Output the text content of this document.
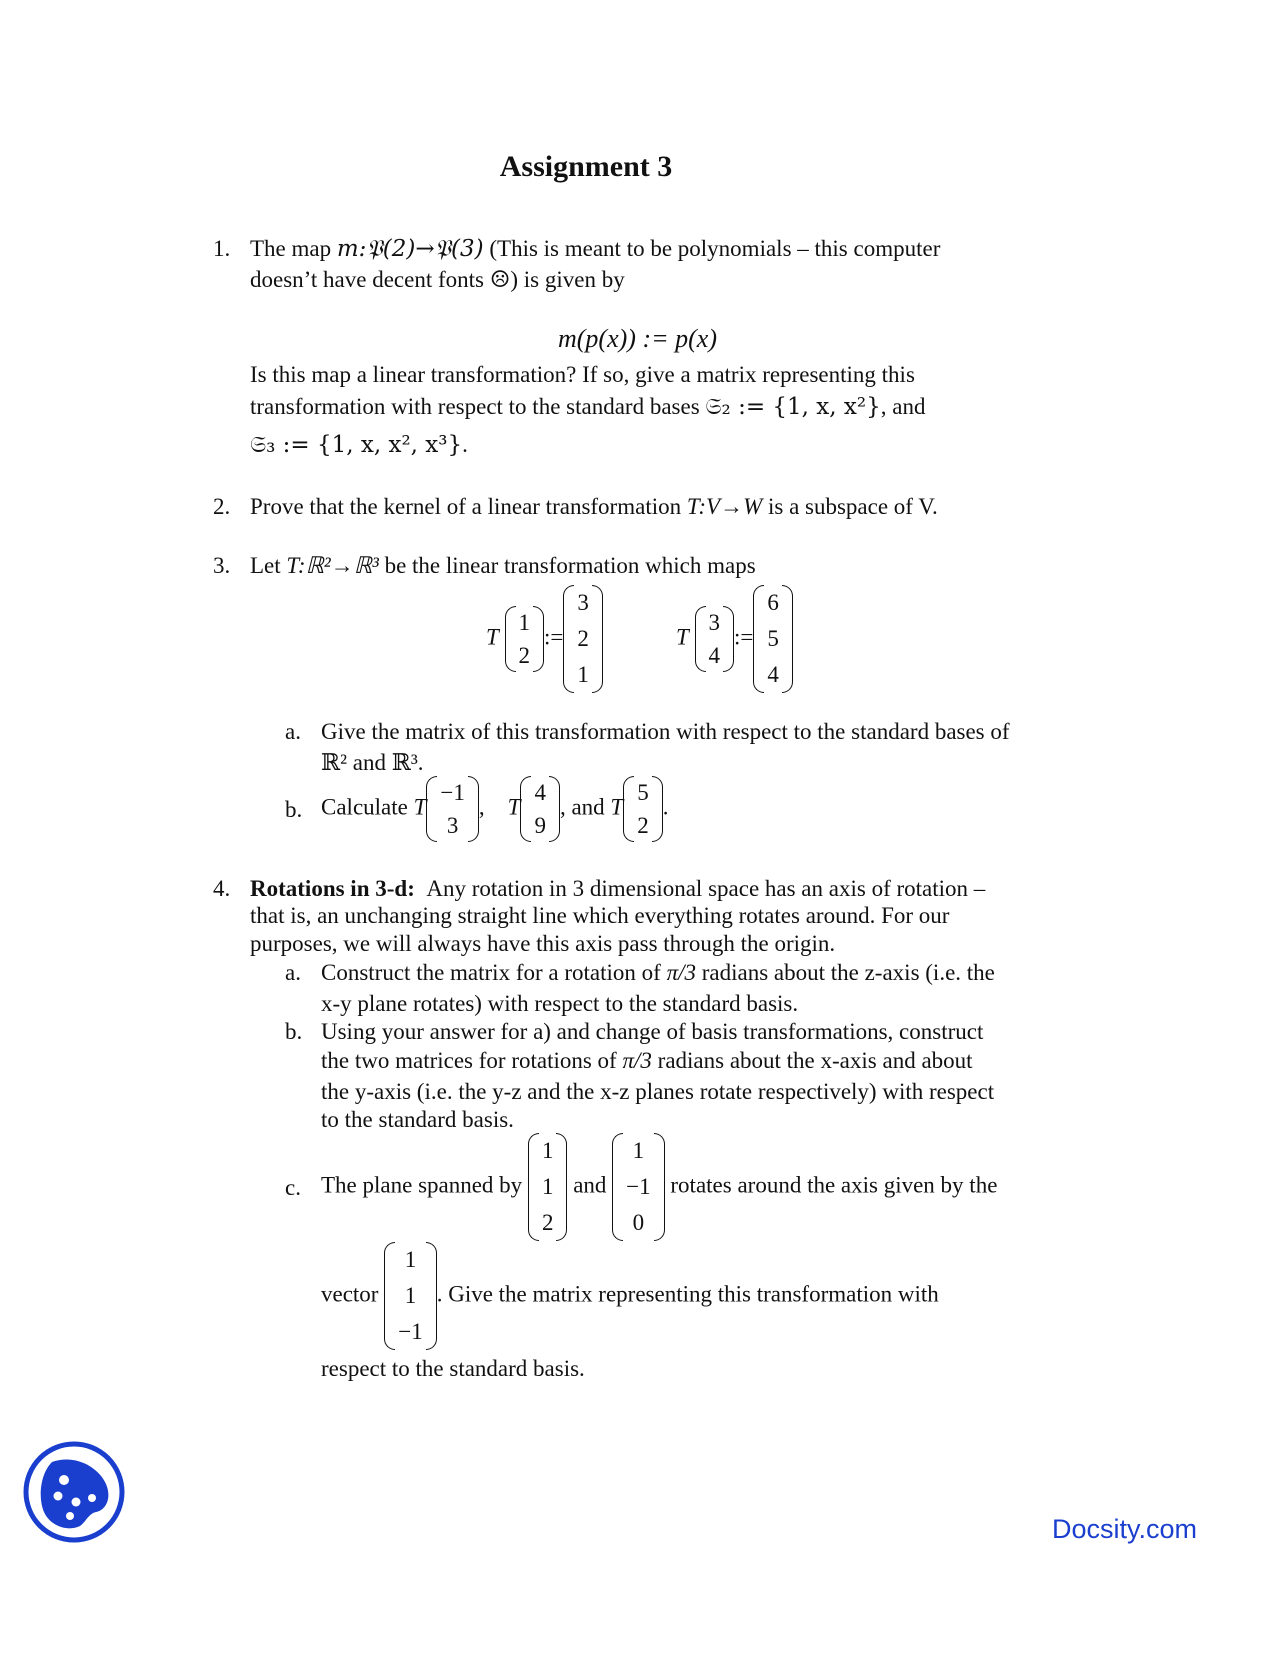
Assignment 3
1. The map m:𝔓(2)→𝔓(3) (This is meant to be polynomials – this computer
doesn’t have decent fonts ☹) is given by
m(p(x)) := p(x)
Is this map a linear transformation? If so, give a matrix representing this
transformation with respect to the standard bases 𝔖₂ := {1, x, x²}, and
𝔖₃ := {1, x, x², x³}.
2. Prove that the kernel of a linear transformation T:V→W is a subspace of V.
3. Let T:ℝ²→ℝ³ be the linear transformation which maps
T
1
2
:=
3
2
1
T
3
4
:=
6
5
4
a. Give the matrix of this transformation with respect to the standard bases of
ℝ² and ℝ³.
b. Calculate T
−1
3
, T
4
9
, and T
5
2
.
4. Rotations in 3-d: Any rotation in 3 dimensional space has an axis of rotation –
that is, an unchanging straight line which everything rotates around. For our
purposes, we will always have this axis pass through the origin.
a. Construct the matrix for a rotation of π/3 radians about the z-axis (i.e. the
x-y plane rotates) with respect to the standard basis.
b. Using your answer for a) and change of basis transformations, construct
the two matrices for rotations of π/3 radians about the x-axis and about
the y-axis (i.e. the y-z and the x-z planes rotate respectively) with respect
to the standard basis.
c. The plane spanned by
1
1
2
and
1
−1
0
rotates around the axis given by the
vector
1
1
−1
. Give the matrix representing this transformation with
respect to the standard basis.
Docsity.com
